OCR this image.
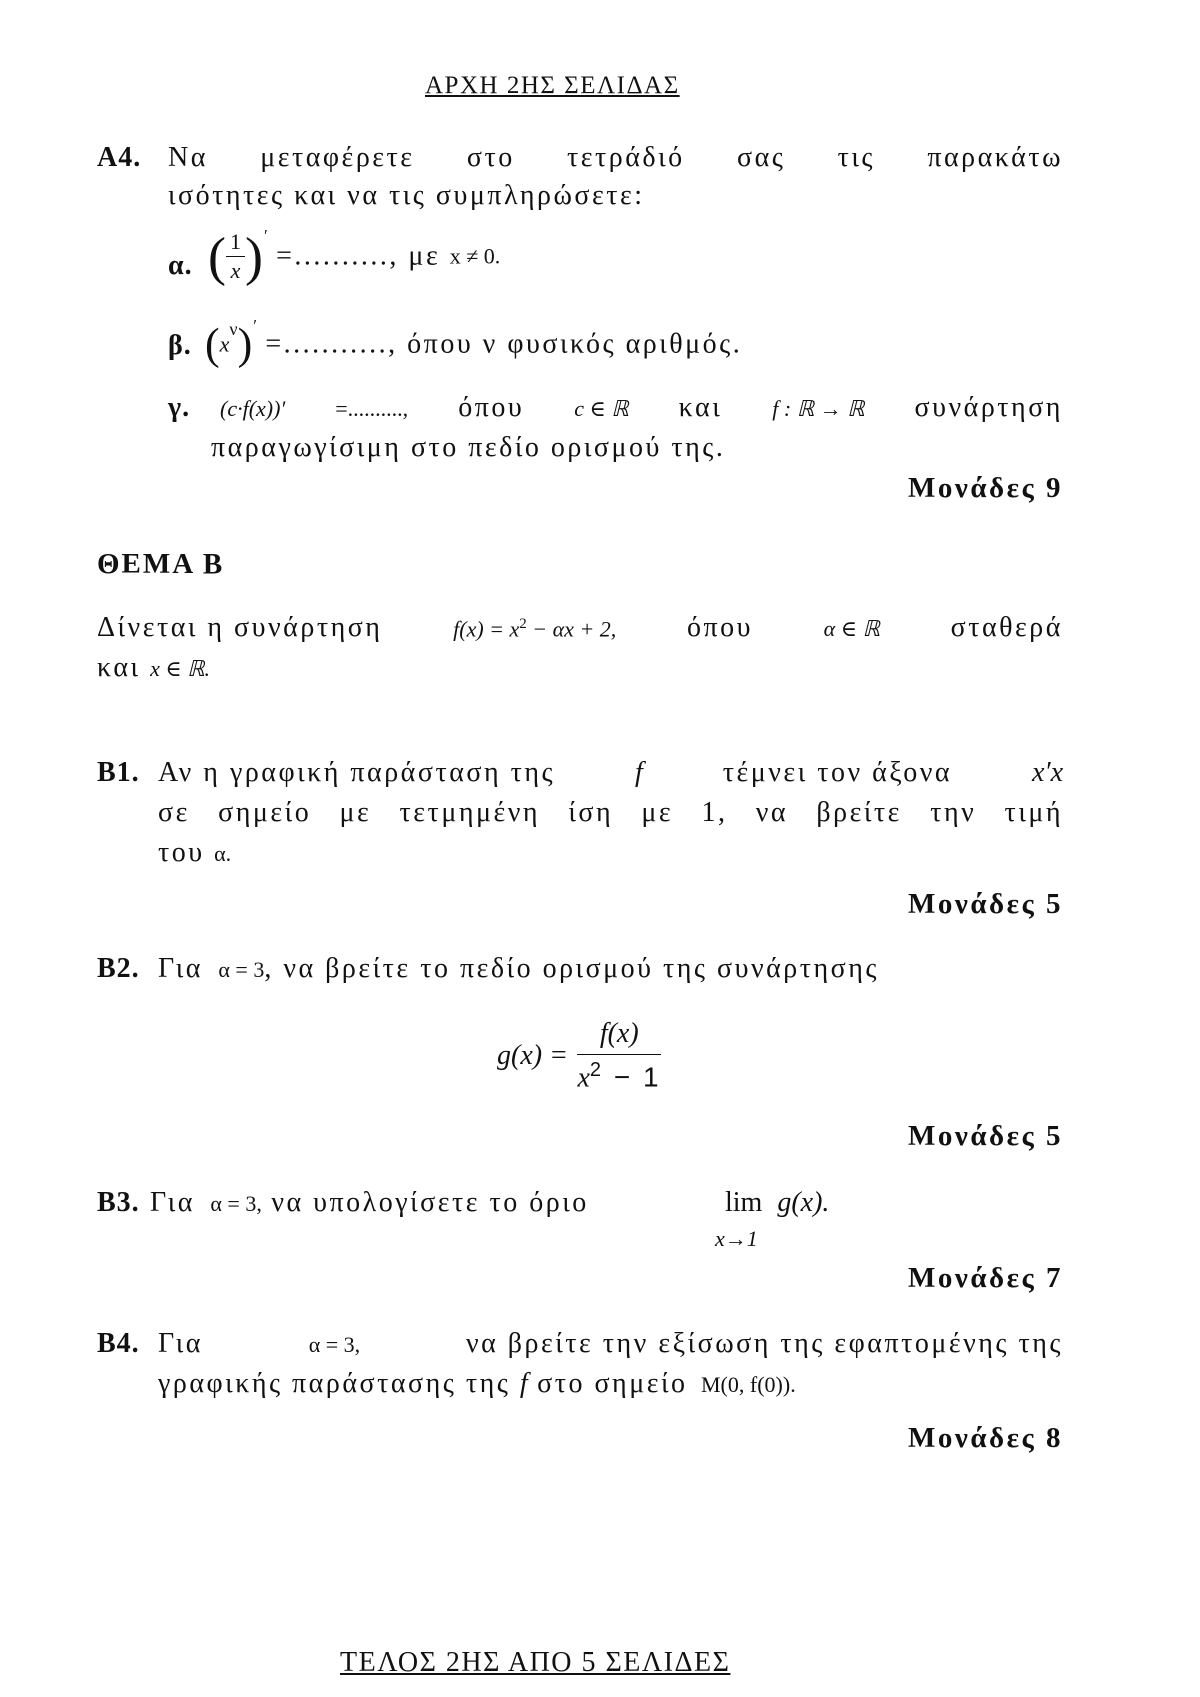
ΑΡΧΗ 2ΗΣ ΣΕΛΙΔΑΣ
A4. Να μεταφέρετε στο τετράδιό σας τις παρακάτω
ισότητες και να τις συμπληρώσετε:
α. ( $\frac{1}{x} )'$ =.........., με x ≠ 0.
β. $(x^\nu)'$ =..........., όπου ν φυσικός αριθμός.
γ. (c·f(x))′ =.........., όπου c ∈ ℝ και f : ℝ → ℝ συνάρτηση
παραγωγίσιμη στο πεδίο ορισμού της.
Μονάδες 9
ΘΕΜΑ Β
Δίνεται η συνάρτηση	$f(x) = x^2 - \alpha x + 2$,	όπου	α ∈ ℝ	σταθερά
και x ∈ ℝ.
B1. Αν η γραφική παράσταση της	f	τέμνει τον άξονα	x′x
σε σημείο με τετμημένη ίση με 1, να βρείτε την τιμή
του α.
Μονάδες 5
B2. Για α = 3, να βρείτε το πεδίο ορισμού της συνάρτησης
$g(x) = \frac{f(x)}{x^2 - 1}$
Μονάδες 5
B3. Για α = 3, να υπολογίσετε το όριο	lim g(x).
x→1
Μονάδες 7
B4. Για	α = 3,	να βρείτε την εξίσωση της εφαπτομένης της
γραφικής παράστασης της f στο σημείο M(0, f(0)).
Μονάδες 8
ΤΕΛΟΣ 2ΗΣ ΑΠΟ 5 ΣΕΛΙΔΕΣ
